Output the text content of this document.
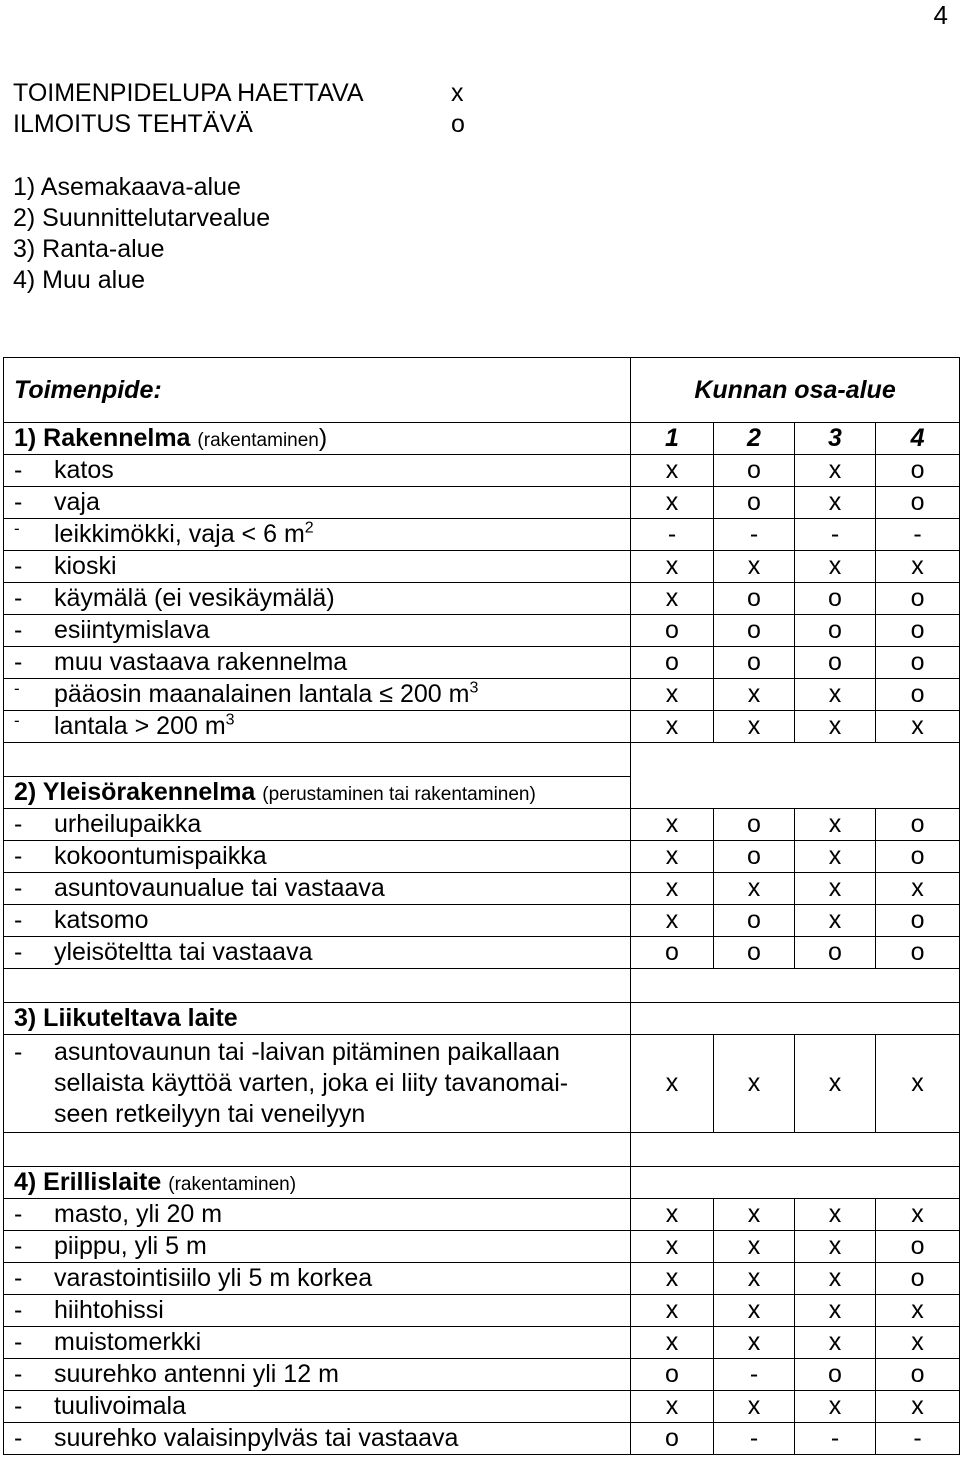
4
TOIMENPIDELUPA HAETTAVA	x
ILMOITUS TEHTÄVÄ	o
1) Asemakaava-alue
2) Suunnittelutarvealue
3) Ranta-alue
4) Muu alue
Toimenpide:	Kunnan osa-alue			
1) Rakennelma (rakentaminen)	1	2	3	4
- katos	x	o	x	o
- vaja	x	o	x	o
- leikkimökki, vaja < 6 $m^2$	-	-	-	-
- kioski	x	x	x	x
- käymälä (ei vesikäymälä)	x	o	o	o
- esiintymislava	o	o	o	o
- muu vastaava rakennelma	o	o	o	o
- pääosin maanalainen lantala ≤ 200 $m^3$	x	x	x	o
- lantala > 200 $m^3$	x	x	x	x

2) Yleisörakennelma (perustaminen tai rakentaminen)				
- urheilupaikka	x	o	x	o
- kokoontumispaikka	x	o	x	o
- asuntovaunualue tai vastaava	x	x	x	x
- katsomo	x	o	x	o
- yleisöteltta tai vastaava	o	o	o	o

3) Liikuteltava laite				

- asuntovaunun tai -laivan pitäminen paikallaan
sellaista käyttöä varten, joka ei liity tavanomai-
seen retkeilyyn tai veneilyyn	x	x	x	x

4) Erillislaite (rakentaminen)				
- masto, yli 20 m	x	x	x	x
- piippu, yli 5 m	x	x	x	o
- varastointisiilo yli 5 m korkea	x	x	x	o
- hiihtohissi	x	x	x	x
- muistomerkki	x	x	x	x
- suurehko antenni yli 12 m	o	-	o	o
- tuulivoimala	x	x	x	x
- suurehko valaisinpylväs tai vastaava	o	-	-	-
